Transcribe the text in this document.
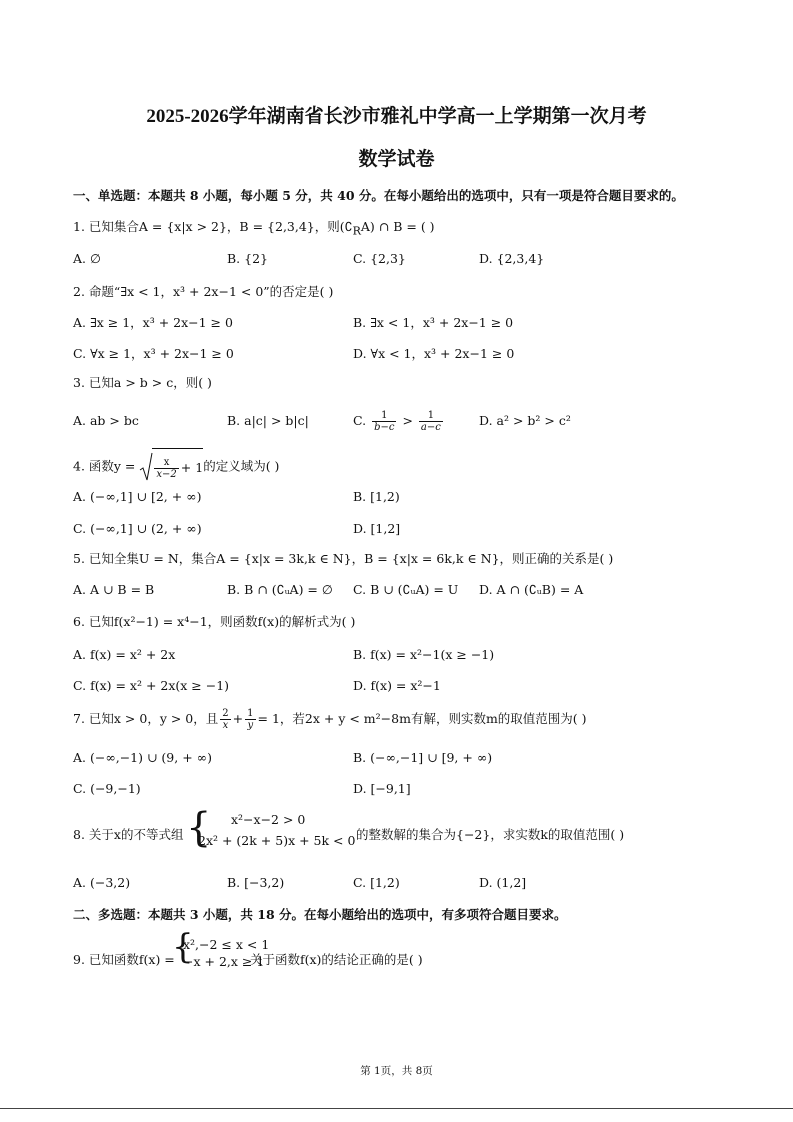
2025-2026学年湖南省长沙市雅礼中学高一上学期第一次月考
数学试卷
一、单选题：本题共 8 小题，每小题 5 分，共 40 分。在每小题给出的选项中，只有一项是符合题目要求的。
1. 已知集合A = {x|x > 2}，B = {2,3,4}，则$(∁_RA)$ ∩ B = ( )
A. ∅	B. {2}	C. {2,3}	D. {2,3,4}
2. 命题“∃x < 1，x³ + 2x−1 < 0”的否定是( )
A. ∃x ≥ 1，x³ + 2x−1 ≥ 0	B. ∃x < 1，x³ + 2x−1 ≥ 0
C. ∀x ≥ 1，x³ + 2x−1 ≥ 0	D. ∀x < 1，x³ + 2x−1 ≥ 0
3. 已知a > b > c，则( )
A. ab > bc	B. a|c| > b|c|	C. $\frac{1}{b-c} > \frac{1}{a-c}$	D. a² > b² > c²
4. 函数$y = \frac{x}{x-2} + 1$的定义域为( )
A. (−∞,1] ∪ [2, + ∞)	B. [1,2)
C. (−∞,1] ∪ (2, + ∞)	D. [1,2]
5. 已知全集U = N，集合A = {x|x = 3k,k ∈ N}，B = {x|x = 6k,k ∈ N}，则正确的关系是( )
A. A ∪ B = B	B. B ∩ (∁ᵤA) = ∅ C. B ∪ (∁ᵤA) = U D. A ∩ (∁ᵤB) = A
6. 已知f(x²−1) = x⁴−1，则函数f(x)的解析式为( )
A. f(x) = x² + 2x	B. f(x) = x²−1(x ≥ −1)
C. f(x) = x² + 2x(x ≥ −1)	D. f(x) = x²−1
7. 已知x > 0，y > 0，且 $\frac{2}{x} + \frac{1}{y} = 1$，若2x + y < m²−8m有解，则实数m的取值范围为( )
A. (−∞,−1) ∪ (9, + ∞)	B. (−∞,−1] ∪ [9, + ∞)
C. (−9,−1)	D. [−9,1]
8. 关于x的不等式组 { x²−x−2 > 0
2x² + (2k + 5)x + 5k < 0 的整数解的集合为{−2}，求实数k的取值范围( )
A. (−3,2)	B. [−3,2)	C. [1,2)	D. (1,2]
二、多选题：本题共 3 小题，共 18 分。在每小题给出的选项中，有多项符合题目要求。
9. 已知函数f(x) =
{
x²,−2 ≤ x < 1
−x + 2,x ≥ 1
关于函数f(x)的结论正确的是( )
第 1页，共 8页
